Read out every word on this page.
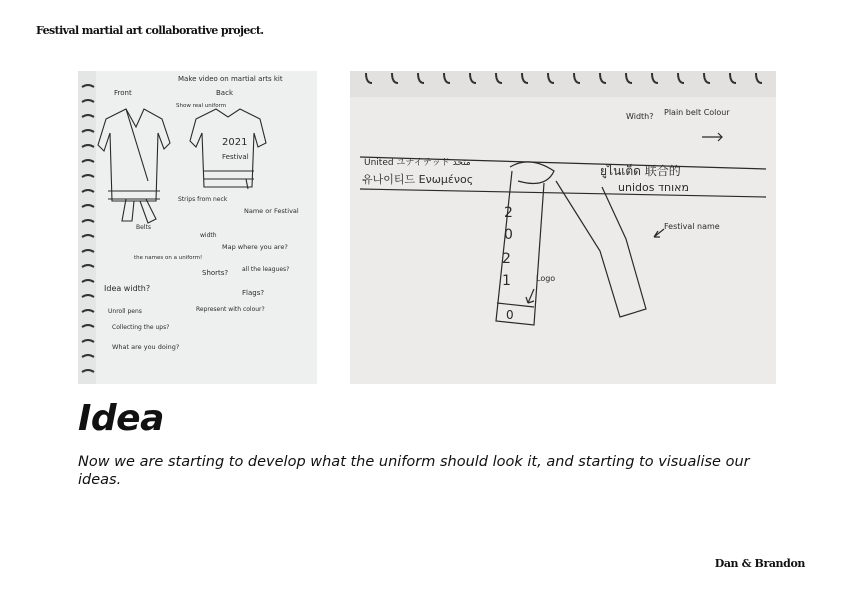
Festival martial art collaborative project.
Make video on martial arts kit
Front	Back
Show real uniform
2021
Festival
Strips from neck
Name or Festival
Belts
width
Map where you are?
the names on a uniform!
Shorts? all the leagues?
Flags?
Idea width?
Unroll pens
Collecting the ups?
Represent with colour?
What are you doing?
Width? Plain belt Colour
United ユナイテッド متحد
유나이티드 Ενωμένος
ยูไนเต็ด 联合的
unidos מאוחד
Festival name
Logo
2
0
2
1
0
Idea
Now we are starting to develop what the uniform should look it, and starting to visualise our ideas.
Dan & Brandon
